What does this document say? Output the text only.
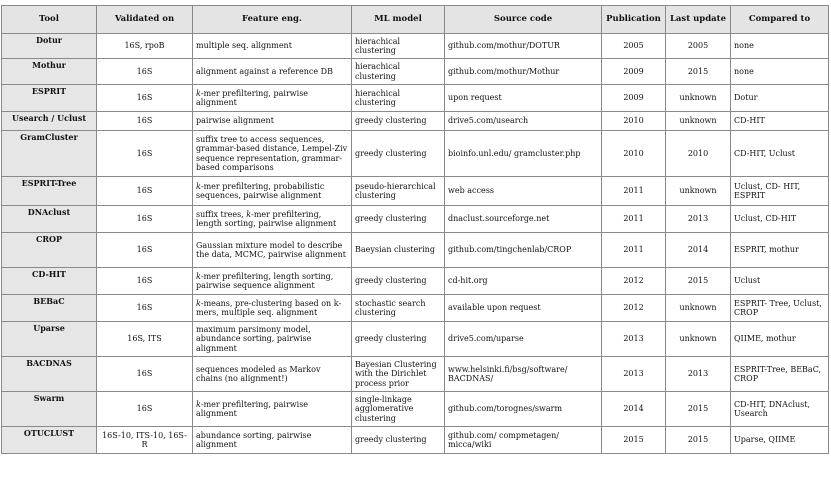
Tool	Validated on	Feature eng.	ML model	Source code	Publication	Last update	Compared to
Dotur	16S, rpoB	multiple seq. alignment	hierachical clustering	github.com/mothur/DOTUR	2005	2005	none
Mothur	16S	alignment against a reference DB	hierachical clustering	github.com/mothur/Mothur	2009	2015	none
ESPRIT	16S	k-mer prefiltering, pairwise alignment	hierachical clustering	upon request	2009	unknown	Dotur
Usearch / Uclust	16S	pairwise alignment	greedy clustering	drive5.com/usearch	2010	unknown	CD-HIT
GramCluster	16S	suffix tree to access sequences, grammar-based distance, Lempel-Ziv sequence representation, grammar-based comparisons	greedy clustering	bioinfo.unl.edu/ gramcluster.php	2010	2010	CD-HIT, Uclust
ESPRIT-Tree	16S	k-mer prefiltering, probabilistic sequences, pairwise alignment	pseudo-hierarchical clustering	web access	2011	unknown	Uclust, CD- HIT, ESPRIT
DNAclust	16S	suffix trees, k-mer prefiltering, length sorting, pairwise alignment	greedy clustering	dnaclust.sourceforge.net	2011	2013	Uclust, CD-HIT
CROP	16S	Gaussian mixture model to describe the data, MCMC, pairwise alignment	Baeysian clustering	github.com/tingchenlab/CROP	2011	2014	ESPRIT, mothur
CD-HIT	16S	k-mer prefiltering, length sorting, pairwise sequence alignment	greedy clustering	cd-hit.org	2012	2015	Uclust
BEBaC	16S	k-means, pre-clustering based on k-mers, multiple seq. alignment	stochastic search clustering	available upon request	2012	unknown	ESPRIT- Tree, Uclust, CROP
Uparse	16S, ITS	maximum parsimony model, abundance sorting, pairwise alignment	greedy clustering	drive5.com/uparse	2013	unknown	QIIME, mothur
BACDNAS	16S	sequences modeled as Markov chains (no alignment!)	Bayesian Clustering with the Dirichlet process prior	www.helsinki.fi/bsg/software/ BACDNAS/	2013	2013	ESPRIT-Tree, BEBaC, CROP
Swarm	16S	k-mer prefiltering, pairwise alignment	single-linkage agglomerative clustering	github.com/torognes/swarm	2014	2015	CD-HIT, DNAclust, Usearch
OTUCLUST	16S-10, ITS-10, 16S-R	abundance sorting, pairwise alignment	greedy clustering	github.com/ compmetagen/ micca/wiki	2015	2015	Uparse, QIIME
